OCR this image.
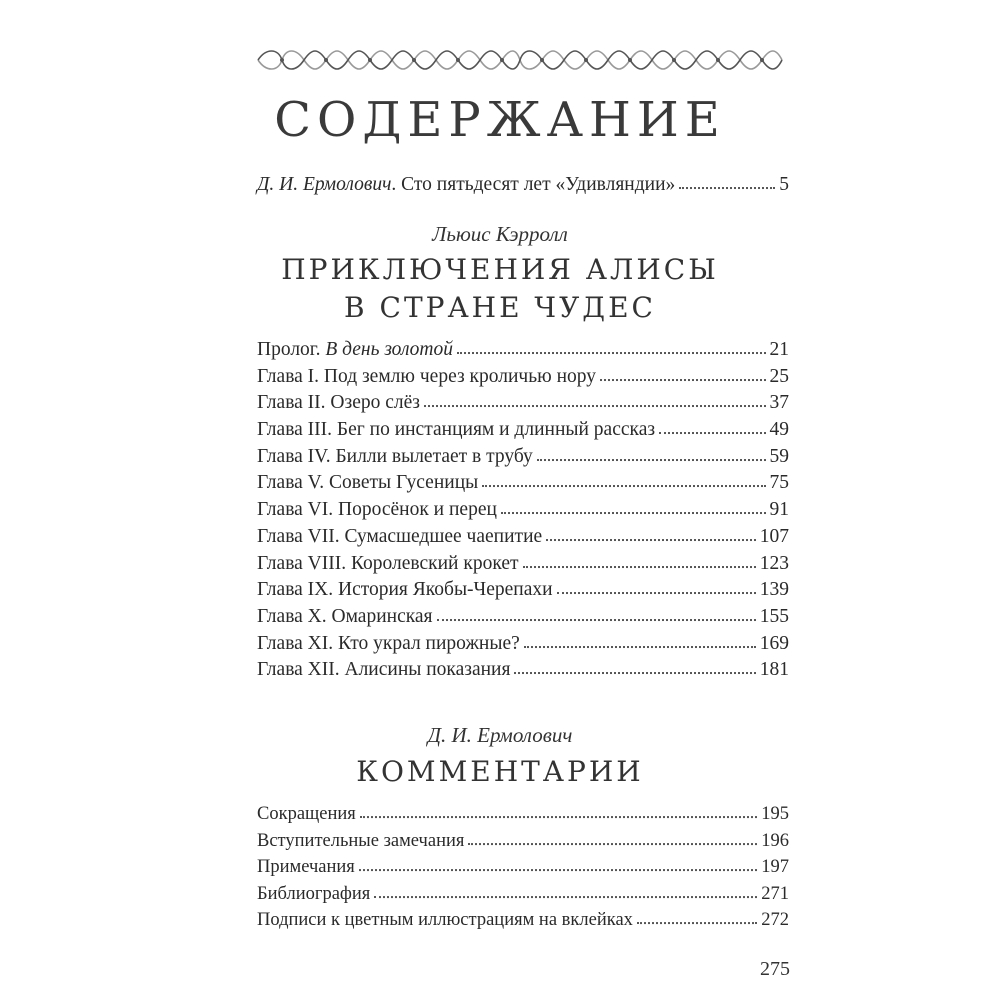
СОДЕРЖАНИЕ
Д. И. Ермолович. Сто пятьдесят лет «Удивляндии»	5
Льюис Кэрролл
ПРИКЛЮЧЕНИЯ АЛИСЫ
В СТРАНЕ ЧУДЕС
Пролог. В день золотой	21
Глава I. Под землю через кроличью нору	25
Глава II. Озеро слёз	37
Глава III. Бег по инстанциям и длинный рассказ	49
Глава IV. Билли вылетает в трубу	59
Глава V. Советы Гусеницы	75
Глава VI. Поросёнок и перец	91
Глава VII. Сумасшедшее чаепитие	107
Глава VIII. Королевский крокет	123
Глава IX. История Якобы-Черепахи	139
Глава X. Омаринская	155
Глава XI. Кто украл пирожные?	169
Глава XII. Алисины показания	181
Д. И. Ермолович
КОММЕНТАРИИ
Сокращения	195
Вступительные замечания	196
Примечания	197
Библиография	271
Подписи к цветным иллюстрациям на вклейках	272
275
